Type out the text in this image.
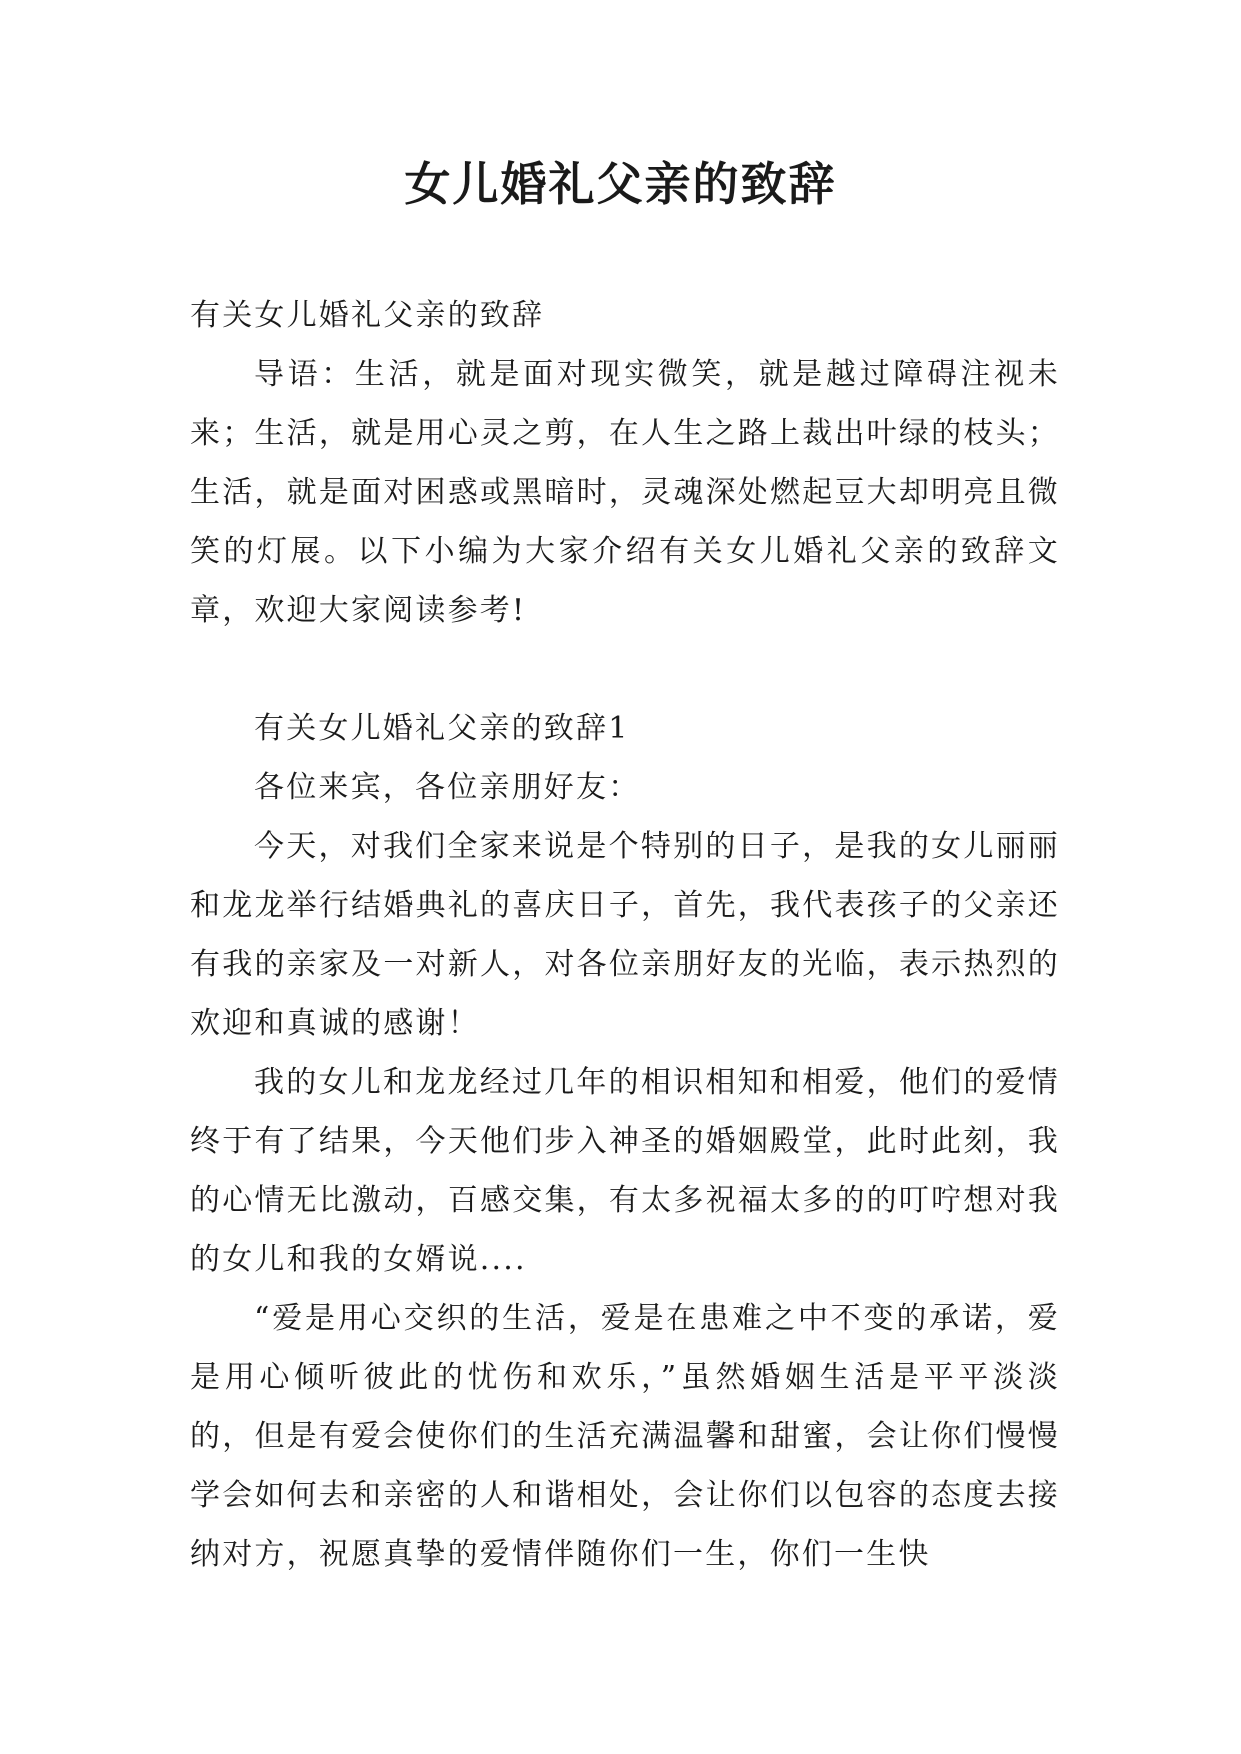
女儿婚礼父亲的致辞

有关女儿婚礼父亲的致辞

导语：生活，就是面对现实微笑，就是越过障碍注视未来；生活，就是用心灵之剪，在人生之路上裁出叶绿的枝头；生活，就是面对困惑或黑暗时，灵魂深处燃起豆大却明亮且微笑的灯展。以下小编为大家介绍有关女儿婚礼父亲的致辞文章，欢迎大家阅读参考!

有关女儿婚礼父亲的致辞1

各位来宾，各位亲朋好友：

今天，对我们全家来说是个特别的日子，是我的女儿丽丽和龙龙举行结婚典礼的喜庆日子，首先，我代表孩子的父亲还有我的亲家及一对新人，对各位亲朋好友的光临，表示热烈的欢迎和真诚的感谢！

我的女儿和龙龙经过几年的相识相知和相爱，他们的爱情终于有了结果，今天他们步入神圣的婚姻殿堂，此时此刻，我的心情无比激动，百感交集，有太多祝福太多的的叮咛想对我的女儿和我的女婿说....

“爱是用心交织的生活，爱是在患难之中不变的承诺，爱是用心倾听彼此的忧伤和欢乐，”虽然婚姻生活是平平淡淡的，但是有爱会使你们的生活充满温馨和甜蜜，会让你们慢慢学会如何去和亲密的人和谐相处，会让你们以包容的态度去接纳对方，祝愿真挚的爱情伴随你们一生，你们一生快
